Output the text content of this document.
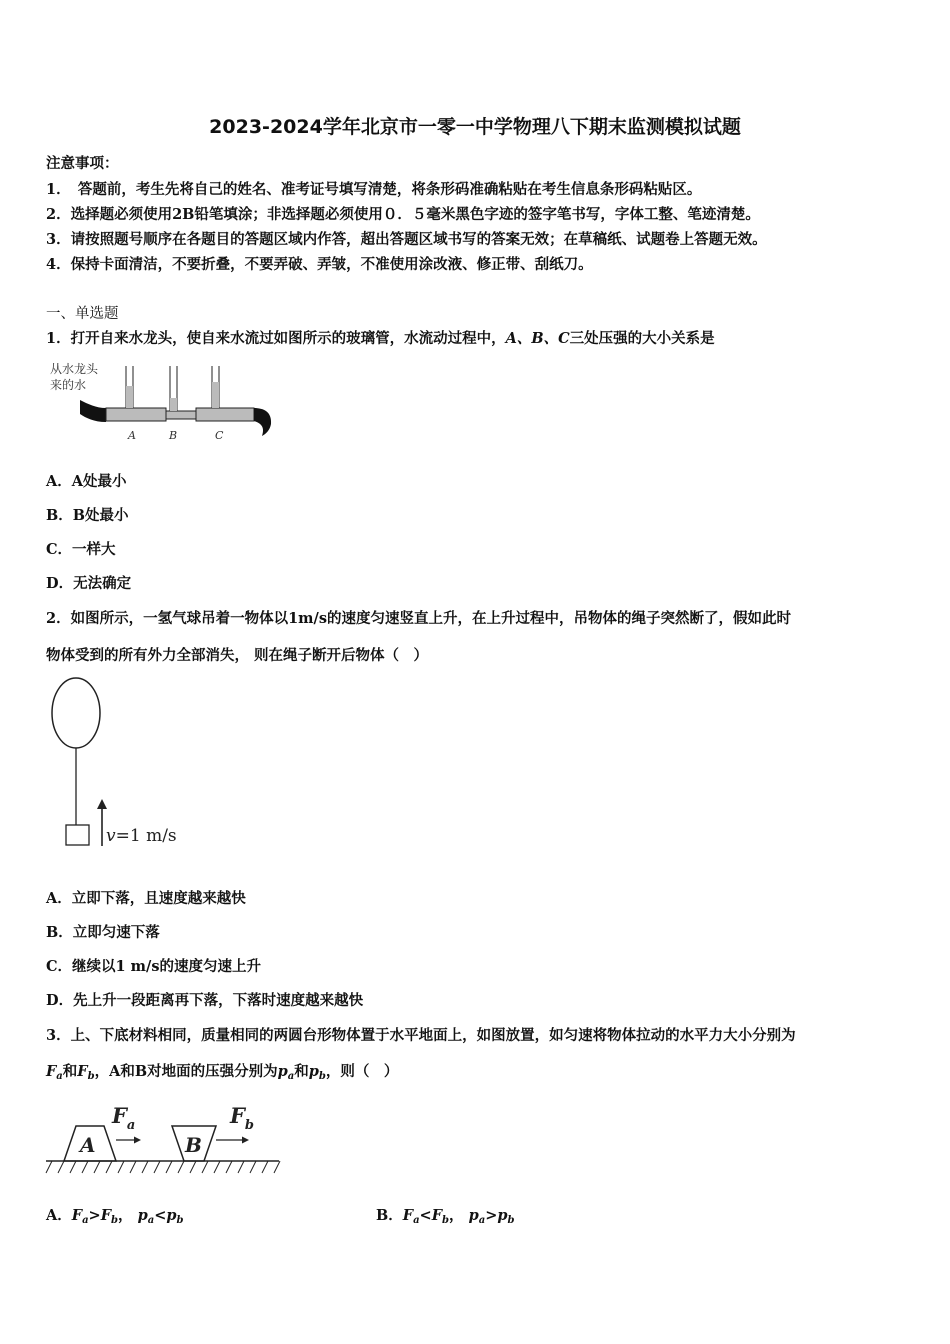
2023-2024学年北京市一零一中学物理八下期末监测模拟试题
注意事项：
1．　答题前，考生先将自己的姓名、准考证号填写清楚，将条形码准确粘贴在考生信息条形码粘贴区。
2．选择题必须使用2B铅笔填涂；非选择题必须使用０．５毫米黑色字迹的签字笔书写，字体工整、笔迹清楚。
3．请按照题号顺序在各题目的答题区域内作答，超出答题区域书写的答案无效；在草稿纸、试题卷上答题无效。
4．保持卡面清洁，不要折叠，不要弄破、弄皱，不准使用涂改液、修正带、刮纸刀。
一、单选题
1．打开自来水龙头，使自来水流过如图所示的玻璃管，水流动过程中，A、B、C三处压强的大小关系是
从水龙头
来的水
A	B	C
A．A处最小
B．B处最小
C．一样大
D．无法确定
2．如图所示，一氢气球吊着一物体以1m/s的速度匀速竖直上升，在上升过程中，吊物体的绳子突然断了，假如此时
物体受到的所有外力全部消失， 则在绳子断开后物体（　）
v=1 m/s
A．立即下落，且速度越来越快
B．立即匀速下落
C．继续以1 m/s的速度匀速上升
D．先上升一段距离再下落，下落时速度越来越快
3．上、下底材料相同，质量相同的两圆台形物体置于水平地面上，如图放置，如匀速将物体拉动的水平力大小分别为
$F_a$和$F_b$，A和B对地面的压强分别为$p_a$和$p_b$，则（　）
A
$F_a$
B
$F_b$
A．$F_a>F_b$， $p_a<p_b$	B．$F_a<F_b$， $p_a>p_b$
